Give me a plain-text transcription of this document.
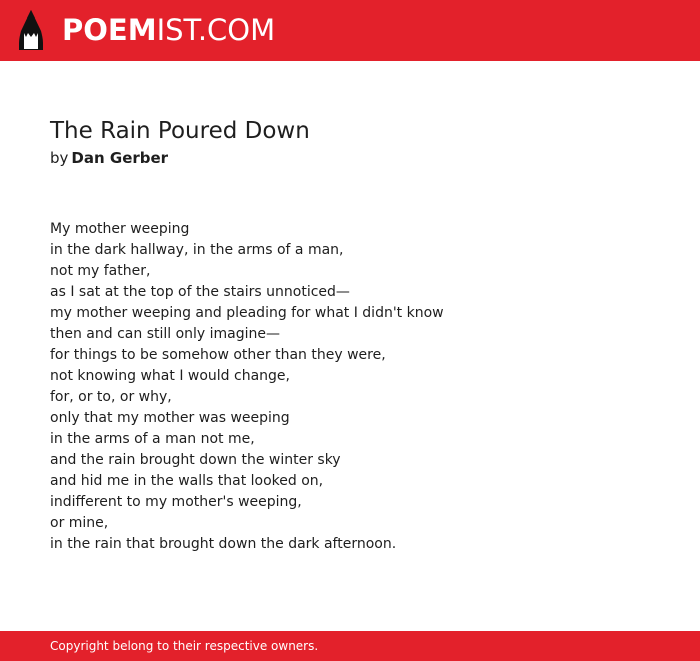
POEMIST.COM
The Rain Poured Down
by Dan Gerber
My mother weeping
in the dark hallway, in the arms of a man,
not my father,
as I sat at the top of the stairs unnoticed—
my mother weeping and pleading for what I didn't know
then and can still only imagine—
for things to be somehow other than they were,
not knowing what I would change,
for, or to, or why,
only that my mother was weeping
in the arms of a man not me,
and the rain brought down the winter sky
and hid me in the walls that looked on,
indifferent to my mother's weeping,
or mine,
in the rain that brought down the dark afternoon.
Copyright belong to their respective owners.
